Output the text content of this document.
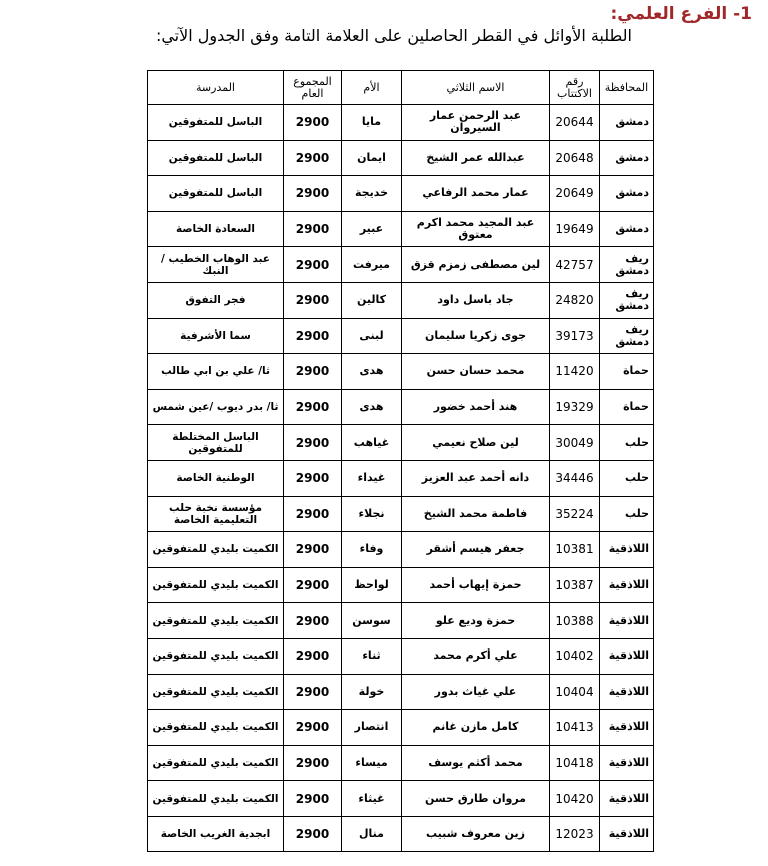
1- الفرع العلمي:
الطلبة الأوائل في القطر الحاصلين على العلامة التامة وفق الجدول الآتي:
المحافظة	رقم الاكتتاب	الاسم الثلاثي	الأم	المجموع العام	المدرسة
دمشق	20644	عبد الرحمن عمار السيروان	مايا	2900	الباسل للمتفوقين
دمشق	20648	عبدالله عمر الشيخ	ايمان	2900	الباسل للمتفوقين
دمشق	20649	عمار محمد الرفاعي	خديجة	2900	الباسل للمتفوقين
دمشق	19649	عبد المجيد محمد اكرم معتوق	عبير	2900	السعادة الخاصة
ريف دمشق	42757	لين مصطفى زمزم قزق	ميرفت	2900	عبد الوهاب الخطيب /النبك
ريف دمشق	24820	جاد باسل داود	كالين	2900	فجر التفوق
ريف دمشق	39173	جوى زكريا سليمان	لبنى	2900	سما الأشرفية
حماة	11420	محمد حسان حسن	هدى	2900	ثا/ علي بن ابي طالب
حماة	19329	هند أحمد خضور	هدى	2900	ثا/ بدر ديوب /عين شمس
حلب	30049	لين صلاح نعيمي	غياهب	2900	الباسل المختلطة للمتفوقين
حلب	34446	دانه أحمد عبد العزيز	غيداء	2900	الوطنية الخاصة
حلب	35224	فاطمة محمد الشيخ	نجلاء	2900	مؤسسة نخبة حلب التعليمية الخاصة
اللاذقية	10381	جعفر هيسم أشقر	وفاء	2900	الكميت بليدي للمتفوقين
اللاذقية	10387	حمزة إيهاب أحمد	لواحظ	2900	الكميت بليدي للمتفوقين
اللاذقية	10388	حمزة وديع علو	سوسن	2900	الكميت بليدي للمتفوقين
اللاذقية	10402	علي أكرم محمد	ثناء	2900	الكميت بليدي للمتفوقين
اللاذقية	10404	علي غياث بدور	خولة	2900	الكميت بليدي للمتفوقين
اللاذقية	10413	كامل مازن غانم	انتصار	2900	الكميت بليدي للمتفوقين
اللاذقية	10418	محمد أكثم يوسف	ميساء	2900	الكميت بليدي للمتفوقين
اللاذقية	10420	مروان طارق حسن	غيثاء	2900	الكميت بليدي للمتفوقين
اللاذقية	12023	زين معروف شبيب	منال	2900	ابجدية الغريب الخاصة
